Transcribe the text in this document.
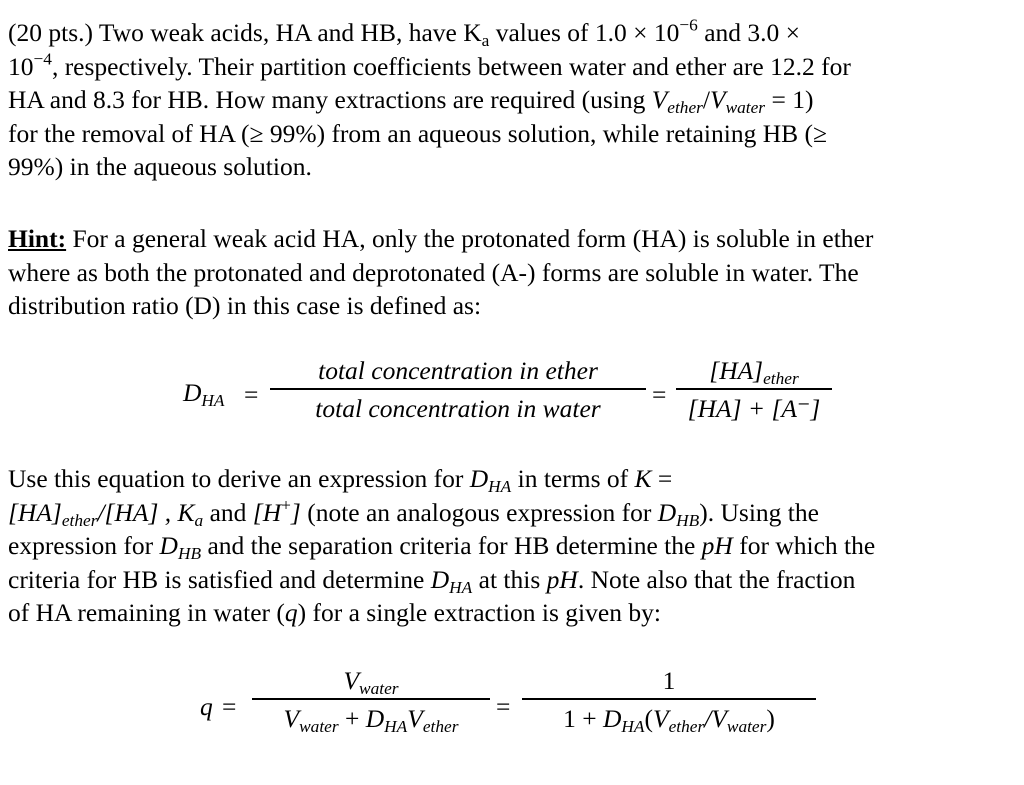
(20 pts.) Two weak acids, HA and HB, have $K_a$ values of $1.0 \times 10^{-6}$ and 3.0 ×
$10^{-4}$, respectively. Their partition coefficients between water and ether are 12.2 for
HA and 8.3 for HB. How many extractions are required (using $V_{ether}/V_{water} = 1$)
for the removal of HA (≥ 99%) from an aqueous solution, while retaining HB (≥
99%) in the aqueous solution.
Hint: For a general weak acid HA, only the protonated form (HA) is soluble in ether
where as both the protonated and deprotonated (A-) forms are soluble in water. The
distribution ratio (D) in this case is defined as:
$D_{HA}$ =
total concentration in ether
total concentration in water	=
$[HA]_{ether}$
[HA] + [A⁻]
Use this equation to derive an expression for $D_{HA}$ in terms of K =
$[HA]_{ether}/[HA]$ , $K_a$ and [H+] (note an analogous expression for $D_{HB}$). Using the
expression for $D_{HB}$ and the separation criteria for HB determine the pH for which the
criteria for HB is satisfied and determine $D_{HA}$ at this pH. Note also that the fraction
of HA remaining in water (q) for a single extraction is given by:
q =
$V_{water}$
$V_{water} + D_{HA}V_{ether}$
=
1
$1 + D_{HA}(V_{ether}/V_{water})$
